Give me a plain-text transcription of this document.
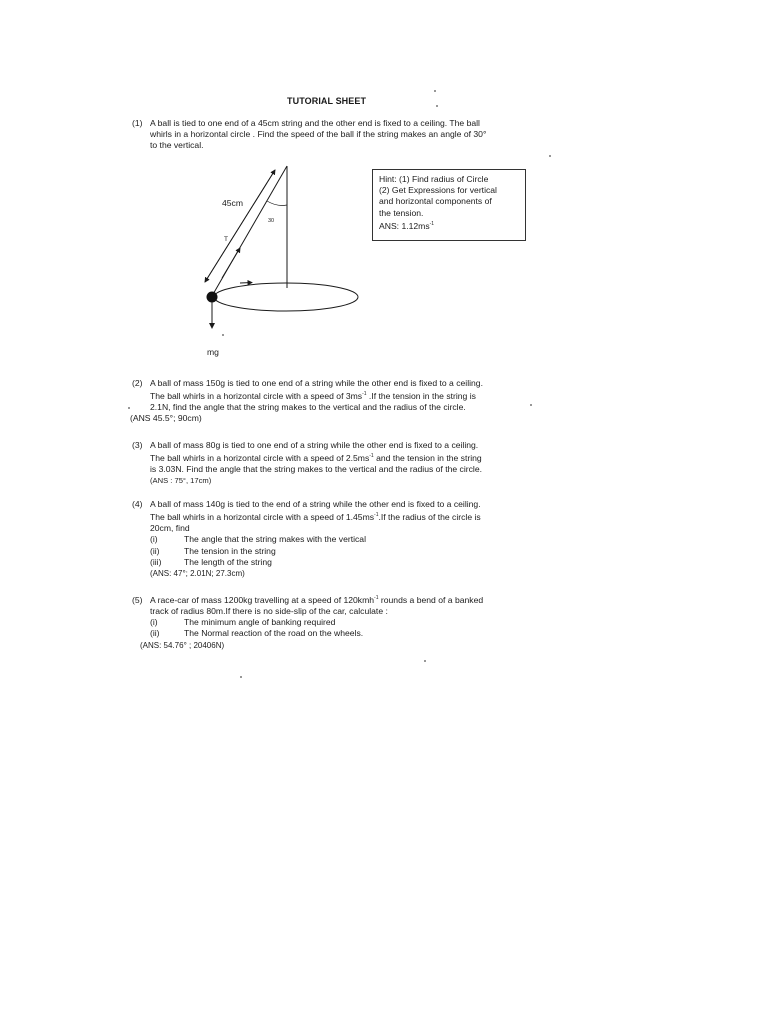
TUTORIAL SHEET
(1) A ball is tied to one end of a 45cm string and the other end is fixed to a ceiling. The ball
whirls in a horizontal circle . Find the speed of the ball if the string makes an angle of 30°
to the vertical.
45cm
30
T
mg
Hint: (1) Find radius of Circle
(2) Get Expressions for vertical
and horizontal components of
the tension.
ANS: $1.12ms^{-1}$
(2) A ball of mass 150g is tied to one end of a string while the other end is fixed to a ceiling.
The ball whirls in a horizontal circle with a speed of $3ms^{-1}$ .If the tension in the string is
2.1N, find the angle that the string makes to the vertical and the radius of the circle.
(ANS 45.5°; 90cm)
(3) A ball of mass 80g is tied to one end of a string while the other end is fixed to a ceiling.
The ball whirls in a horizontal circle with a speed of $2.5ms^{-1}$ and the tension in the string
is 3.03N. Find the angle that the string makes to the vertical and the radius of the circle.
(ANS : 75°, 17cm)
(4) A ball of mass 140g is tied to the end of a string while the other end is fixed to a ceiling.
The ball whirls in a horizontal circle with a speed of $1.45ms^{-1}.If$ the radius of the circle is
20cm, find
(i)	The angle that the string makes with the vertical
(ii)	The tension in the string
(iii)	The length of the string
(ANS: 47°; 2.01N; 27.3cm)
(5) A race-car of mass 1200kg travelling at a speed of 120kmh$^{-1}$ rounds a bend of a banked
track of radius 80m.If there is no side-slip of the car, calculate :
(i)	The minimum angle of banking required
(ii)	The Normal reaction of the road on the wheels.
(ANS: 54.76° ; 20406N)
